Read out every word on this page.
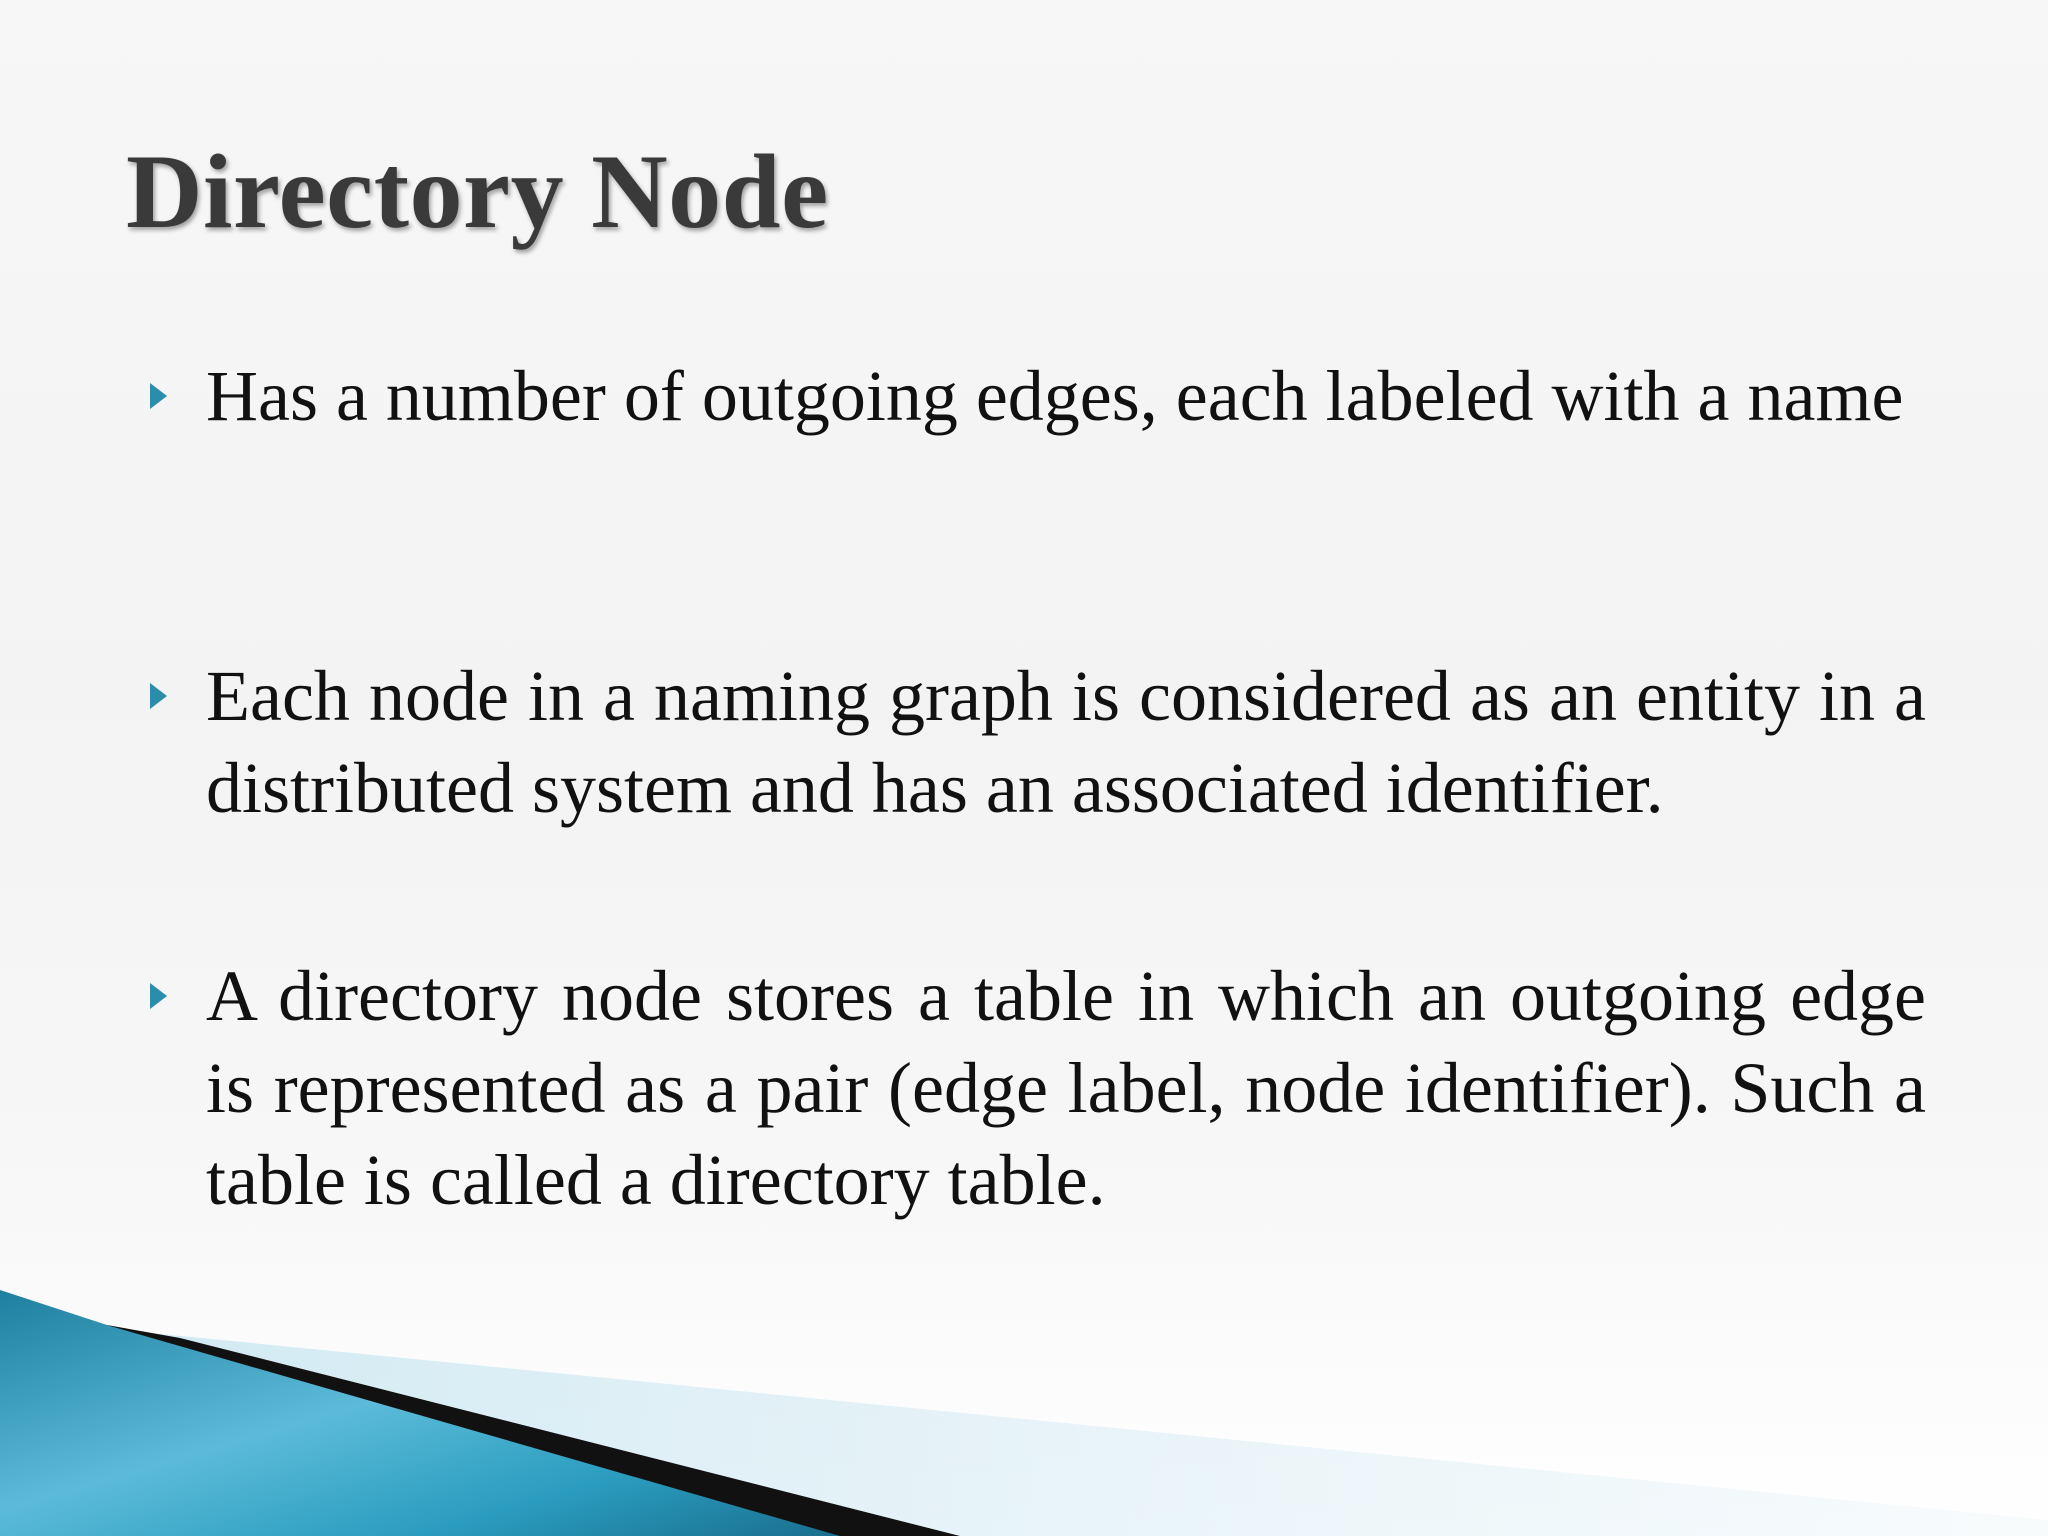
Directory Node

Has a number of outgoing edges, each labeled with a name

Each node in a naming graph is considered as an entity in a distributed system and has an associated identifier.

A directory node stores a table in which an outgoing edge is represented as a pair (edge label, node identifier). Such a table is called a directory table.
